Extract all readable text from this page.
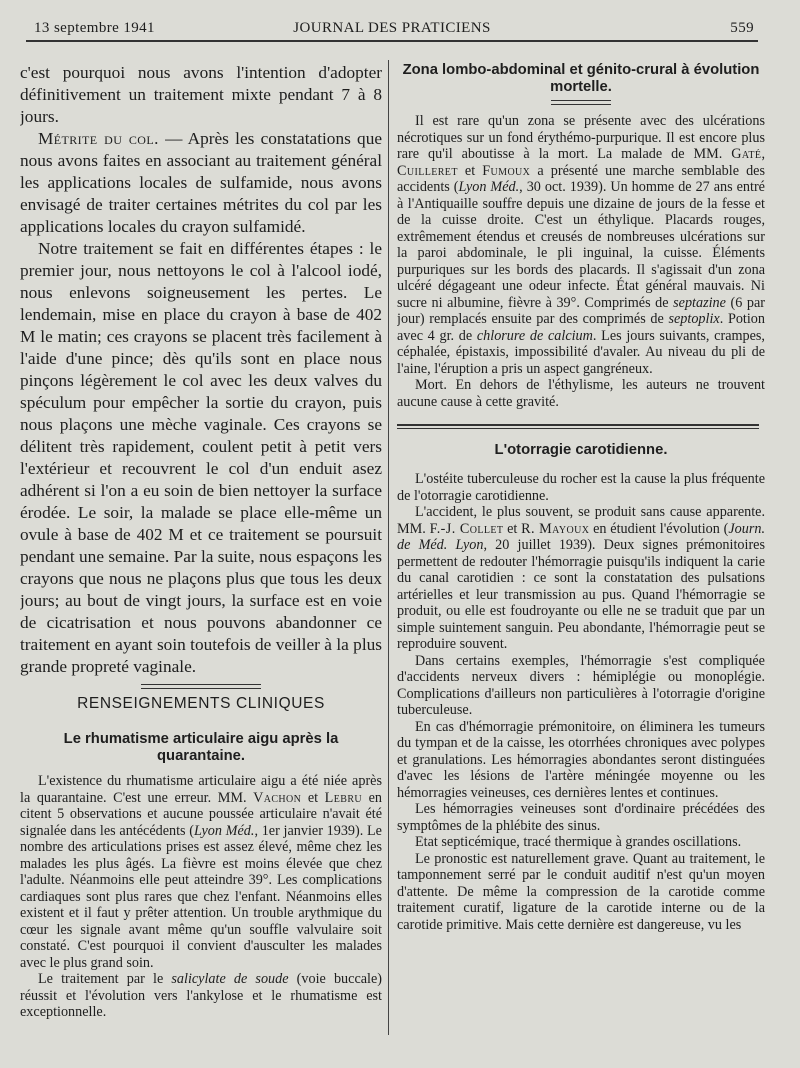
13 septembre 1941	JOURNAL DES PRATICIENS	559

c'est pourquoi nous avons l'intention d'adopter définitivement un traitement mixte pendant 7 à 8 jours.

Métrite du col. — Après les constatations que nous avons faites en associant au traitement général les applications locales de sulfamide, nous avons envisagé de traiter certaines métrites du col par les applications locales du crayon sulfamidé.

Notre traitement se fait en différentes étapes : le premier jour, nous nettoyons le col à l'alcool iodé, nous enlevons soigneusement les pertes. Le lendemain, mise en place du crayon à base de 402 M le matin; ces crayons se placent très facilement à l'aide d'une pince; dès qu'ils sont en place nous pinçons légèrement le col avec les deux valves du spéculum pour empêcher la sortie du crayon, puis nous plaçons une mèche vaginale. Ces crayons se délitent très rapidement, coulent petit à petit vers l'extérieur et recouvrent le col d'un enduit asez adhérent si l'on a eu soin de bien nettoyer la surface érodée. Le soir, la malade se place elle-même un ovule à base de 402 M et ce traitement se poursuit pendant une semaine. Par la suite, nous espaçons les crayons que nous ne plaçons plus que tous les deux jours; au bout de vingt jours, la surface est en voie de cicatrisation et nous pouvons abandonner ce traitement en ayant soin toutefois de veiller à la plus grande propreté vaginale.

RENSEIGNEMENTS CLINIQUES
Le rhumatisme articulaire aigu après la quarantaine.

L'existence du rhumatisme articulaire aigu a été niée après la quarantaine. C'est une erreur. MM. Vachon et Lebru en citent 5 observations et aucune poussée articulaire n'avait été signalée dans les antécédents (Lyon Méd., 1er janvier 1939). Le nombre des articulations prises est assez élevé, même chez les malades les plus âgés. La fièvre est moins élevée que chez l'adulte. Néanmoins elle peut atteindre 39°. Les complications cardiaques sont plus rares que chez l'enfant. Néanmoins elles existent et il faut y prêter attention. Un trouble arythmique du cœur les signale avant même qu'un souffle valvulaire soit constaté. C'est pourquoi il convient d'ausculter les malades avec le plus grand soin.

Le traitement par le salicylate de soude (voie buccale) réussit et l'évolution vers l'ankylose et le rhumatisme est exceptionnelle.

Zona lombo-abdominal et génito-crural à évolution mortelle.

Il est rare qu'un zona se présente avec des ulcérations nécrotiques sur un fond érythémo-purpurique. Il est encore plus rare qu'il aboutisse à la mort. La malade de MM. Gaté, Cuilleret et Fumoux a présenté une marche semblable des accidents (Lyon Méd., 30 oct. 1939). Un homme de 27 ans entré à l'Antiquaille souffre depuis une dizaine de jours de la fesse et de la cuisse droite. C'est un éthylique. Placards rouges, extrêmement étendus et creusés de nombreuses ulcérations sur la paroi abdominale, le pli inguinal, la cuisse. Éléments purpuriques sur les bords des placards. Il s'agissait d'un zona ulcéré dégageant une odeur infecte. État général mauvais. Ni sucre ni albumine, fièvre à 39°. Comprimés de septazine (6 par jour) remplacés ensuite par des comprimés de septoplix. Potion avec 4 gr. de chlorure de calcium. Les jours suivants, crampes, céphalée, épistaxis, impossibilité d'avaler. Au niveau du pli de l'aine, l'éruption a pris un aspect gangréneux.

Mort. En dehors de l'éthylisme, les auteurs ne trouvent aucune cause à cette gravité.

L'otorragie carotidienne.

L'ostéite tuberculeuse du rocher est la cause la plus fréquente de l'otorragie carotidienne.

L'accident, le plus souvent, se produit sans cause apparente. MM. F.-J. Collet et R. Mayoux en étudient l'évolution (Journ. de Méd. Lyon, 20 juillet 1939). Deux signes prémonitoires permettent de redouter l'hémorragie puisqu'ils indiquent la carie du canal carotidien : ce sont la constatation des pulsations artérielles et leur transmission au pus. Quand l'hémorragie se produit, ou elle est foudroyante ou elle ne se traduit que par un simple suintement sanguin. Peu abondante, l'hémorragie peut se reproduire souvent.

Dans certains exemples, l'hémorragie s'est compliquée d'accidents nerveux divers : hémiplégie ou monoplégie. Complications d'ailleurs non particulières à l'otorragie d'origine tuberculeuse.

En cas d'hémorragie prémonitoire, on éliminera les tumeurs du tympan et de la caisse, les otorrhées chroniques avec polypes et granulations. Les hémorragies abondantes seront distinguées d'avec les lésions de l'artère méningée moyenne ou les hémorragies veineuses, ces dernières lentes et continues.

Les hémorragies veineuses sont d'ordinaire précédées des symptômes de la phlébite des sinus.

Etat septicémique, tracé thermique à grandes oscillations.

Le pronostic est naturellement grave. Quant au traitement, le tamponnement serré par le conduit auditif n'est qu'un moyen d'attente. De même la compression de la carotide comme traitement curatif, ligature de la carotide interne ou de la carotide primitive. Mais cette dernière est dangereuse, vu les
